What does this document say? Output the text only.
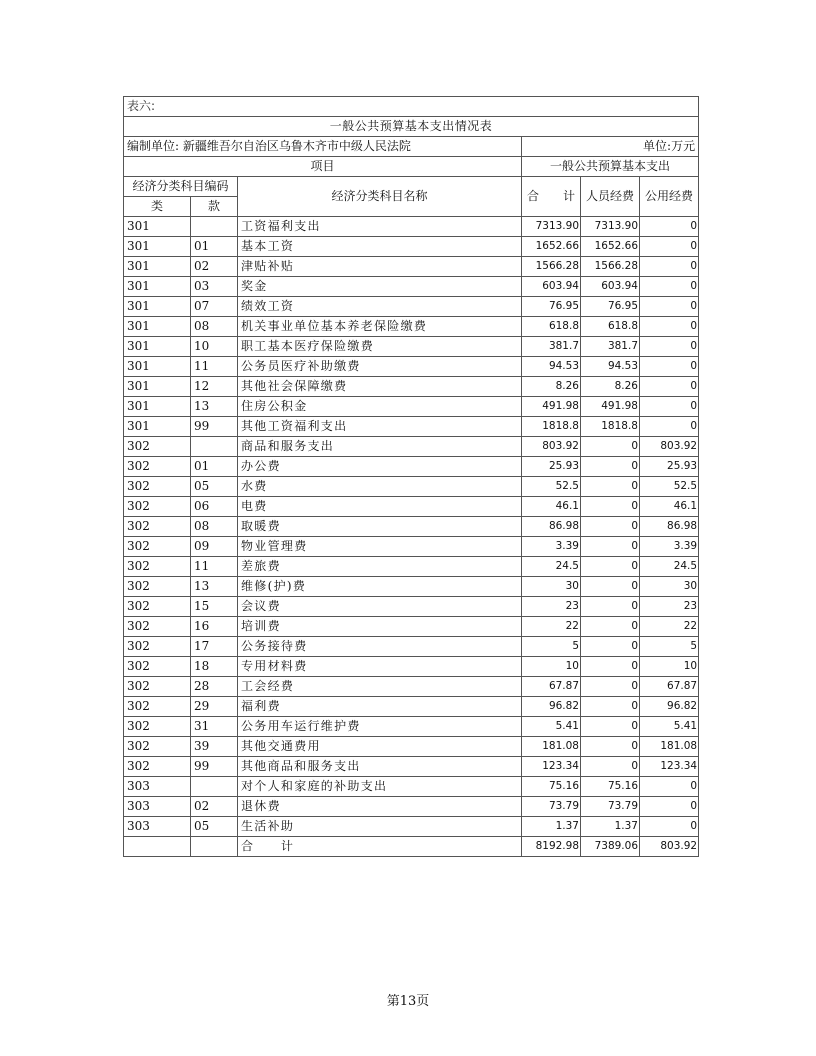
表六:					
一般公共预算基本支出情况表					
编制单位: 新疆维吾尔自治区乌鲁木齐市中级人民法院			单位:万元		
项目			一般公共预算基本支出		
经济分类科目编码		经济分类科目名称	合　　计	人员经费	公用经费
类	款				
301		工资福利支出	7313.90	7313.90	0
301	01	基本工资	1652.66	1652.66	0
301	02	津贴补贴	1566.28	1566.28	0
301	03	奖金	603.94	603.94	0
301	07	绩效工资	76.95	76.95	0
301	08	机关事业单位基本养老保险缴费	618.8	618.8	0
301	10	职工基本医疗保险缴费	381.7	381.7	0
301	11	公务员医疗补助缴费	94.53	94.53	0
301	12	其他社会保障缴费	8.26	8.26	0
301	13	住房公积金	491.98	491.98	0
301	99	其他工资福利支出	1818.8	1818.8	0
302		商品和服务支出	803.92	0	803.92
302	01	办公费	25.93	0	25.93
302	05	水费	52.5	0	52.5
302	06	电费	46.1	0	46.1
302	08	取暖费	86.98	0	86.98
302	09	物业管理费	3.39	0	3.39
302	11	差旅费	24.5	0	24.5
302	13	维修(护)费	30	0	30
302	15	会议费	23	0	23
302	16	培训费	22	0	22
302	17	公务接待费	5	0	5
302	18	专用材料费	10	0	10
302	28	工会经费	67.87	0	67.87
302	29	福利费	96.82	0	96.82
302	31	公务用车运行维护费	5.41	0	5.41
302	39	其他交通费用	181.08	0	181.08
302	99	其他商品和服务支出	123.34	0	123.34
303		对个人和家庭的补助支出	75.16	75.16	0
303	02	退休费	73.79	73.79	0
303	05	生活补助	1.37	1.37	0
		合　　计	8192.98	7389.06	803.92
第13页
